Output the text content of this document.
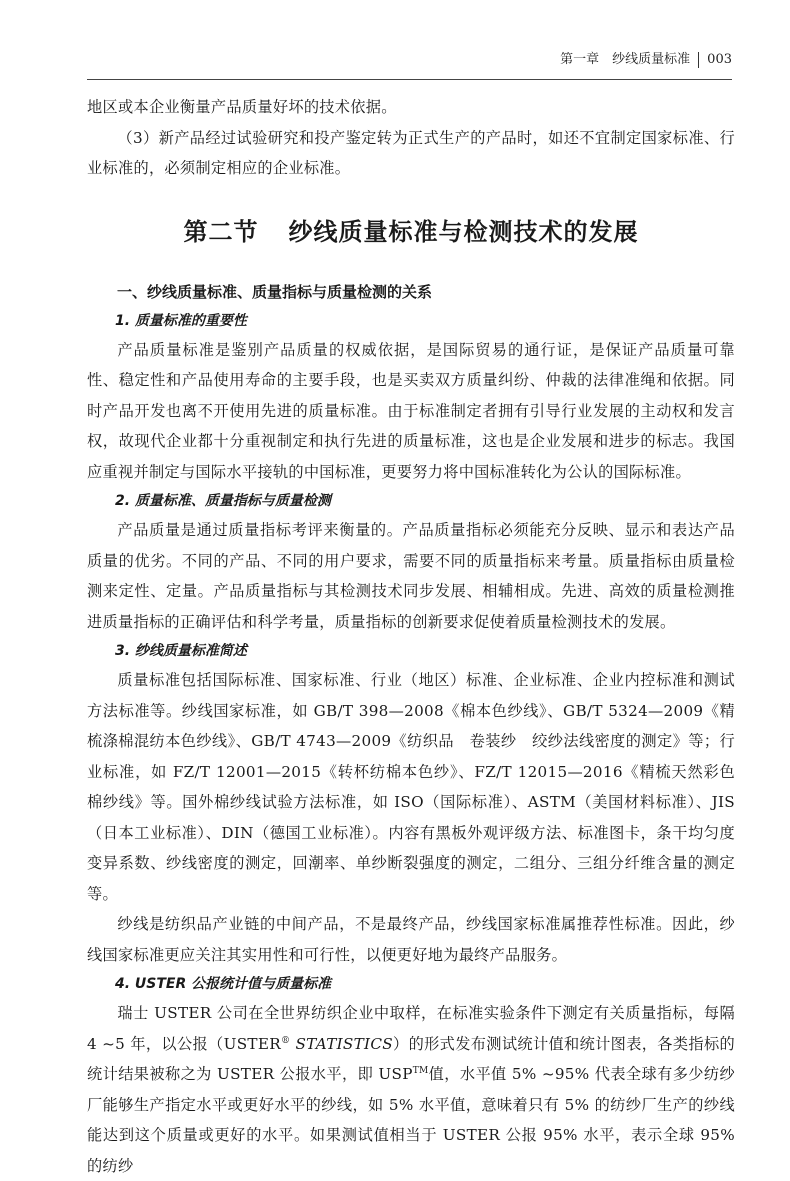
第一章　纱线质量标准 003

地区或本企业衡量产品质量好坏的技术依据。

（3）新产品经过试验研究和投产鉴定转为正式生产的产品时，如还不宜制定国家标准、行业标准的，必须制定相应的企业标准。

第二节 纱线质量标准与检测技术的发展

一、纱线质量标准、质量指标与质量检测的关系

1. 质量标准的重要性

产品质量标准是鉴别产品质量的权威依据，是国际贸易的通行证，是保证产品质量可靠性、稳定性和产品使用寿命的主要手段，也是买卖双方质量纠纷、仲裁的法律准绳和依据。同时产品开发也离不开使用先进的质量标准。由于标准制定者拥有引导行业发展的主动权和发言权，故现代企业都十分重视制定和执行先进的质量标准，这也是企业发展和进步的标志。我国应重视并制定与国际水平接轨的中国标准，更要努力将中国标准转化为公认的国际标准。

2. 质量标准、质量指标与质量检测

产品质量是通过质量指标考评来衡量的。产品质量指标必须能充分反映、显示和表达产品质量的优劣。不同的产品、不同的用户要求，需要不同的质量指标来考量。质量指标由质量检测来定性、定量。产品质量指标与其检测技术同步发展、相辅相成。先进、高效的质量检测推进质量指标的正确评估和科学考量，质量指标的创新要求促使着质量检测技术的发展。

3. 纱线质量标准简述

质量标准包括国际标准、国家标准、行业（地区）标准、企业标准、企业内控标准和测试方法标准等。纱线国家标准，如 GB/T 398—2008《棉本色纱线》、GB/T 5324—2009《精梳涤棉混纺本色纱线》、GB/T 4743—2009《纺织品　卷装纱　绞纱法线密度的测定》等；行业标准，如 FZ/T 12001—2015《转杯纺棉本色纱》、FZ/T 12015—2016《精梳天然彩色棉纱线》等。国外棉纱线试验方法标准，如 ISO（国际标准）、ASTM（美国材料标准）、JIS（日本工业标准）、DIN（德国工业标准）。内容有黑板外观评级方法、标准图卡，条干均匀度变异系数、纱线密度的测定，回潮率、单纱断裂强度的测定，二组分、三组分纤维含量的测定等。

纱线是纺织品产业链的中间产品，不是最终产品，纱线国家标准属推荐性标准。因此，纱线国家标准更应关注其实用性和可行性，以便更好地为最终产品服务。

4. USTER 公报统计值与质量标准

瑞士 USTER 公司在全世界纺织企业中取样，在标准实验条件下测定有关质量指标，每隔 4 ~5 年，以公报（USTER® STATISTICS）的形式发布测试统计值和统计图表，各类指标的统计结果被称之为 USTER 公报水平，即 USP™值，水平值 5% ~95% 代表全球有多少纺纱厂能够生产指定水平或更好水平的纱线，如 5% 水平值，意味着只有 5% 的纺纱厂生产的纱线能达到这个质量或更好的水平。如果测试值相当于 USTER 公报 95% 水平，表示全球 95% 的纺纱
